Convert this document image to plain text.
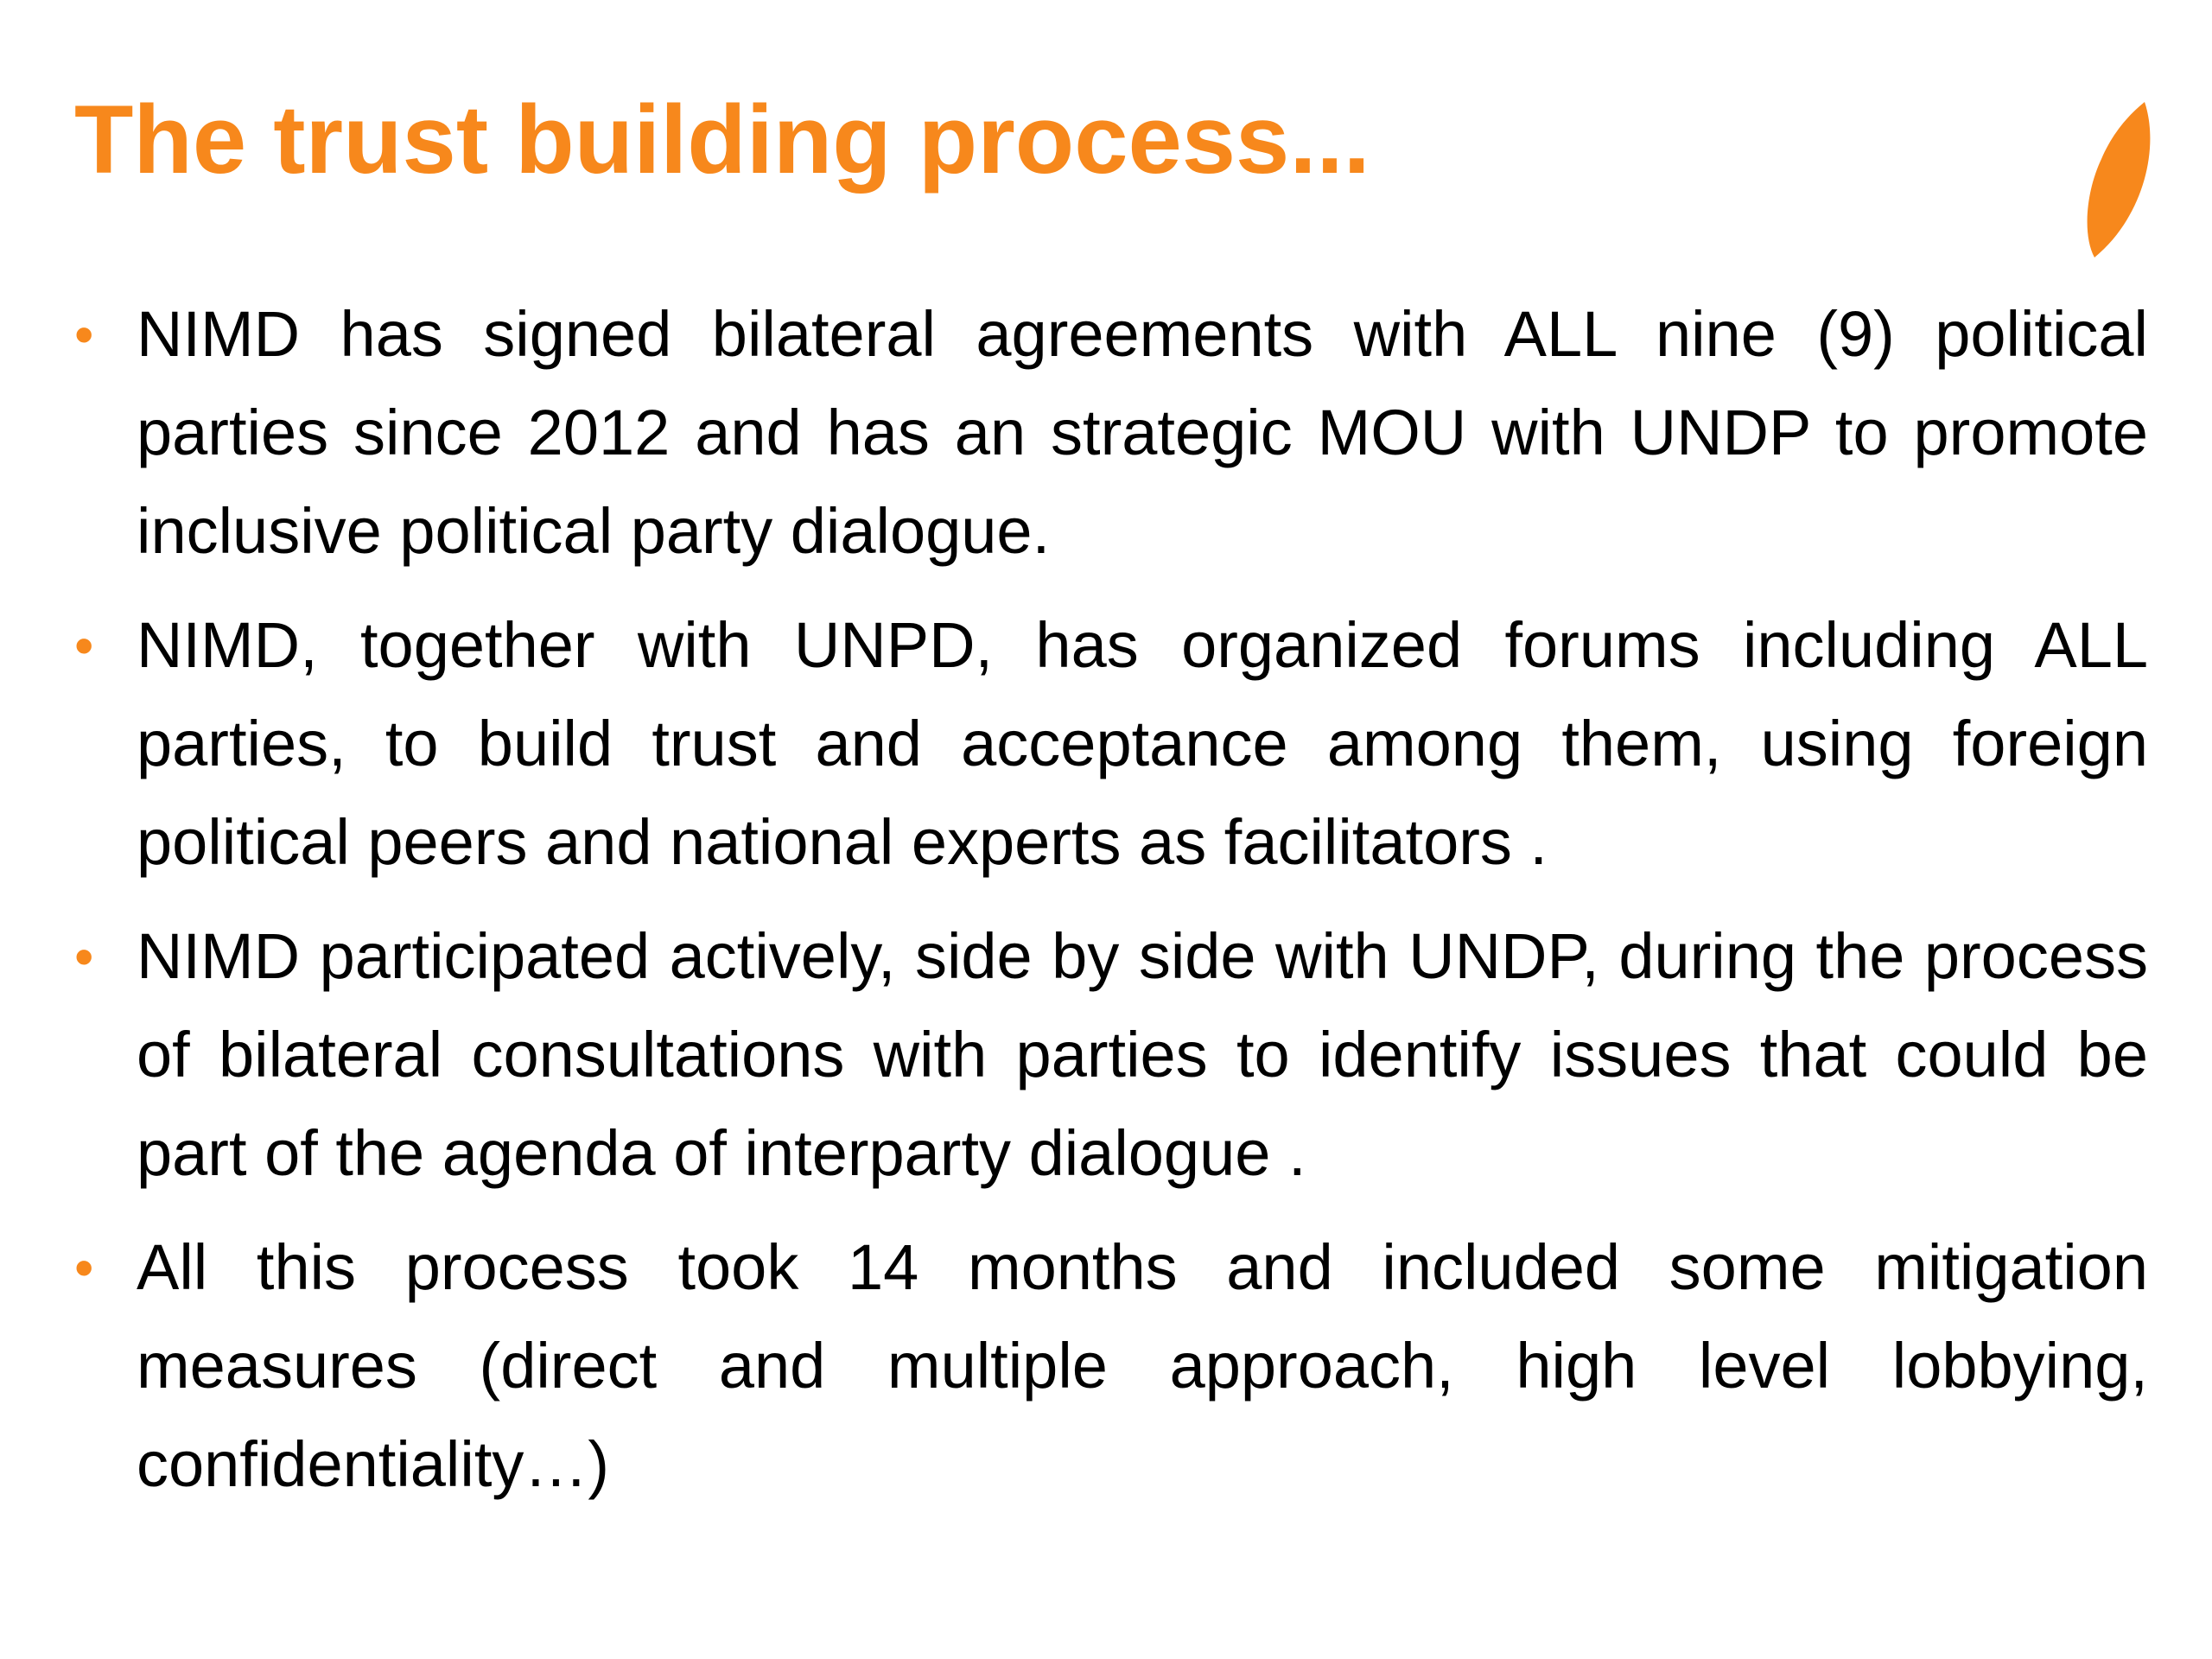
The trust building process...
• NIMD has signed bilateral agreements with ALL nine (9) political parties since 2012 and has an strategic MOU with UNDP to promote inclusive political party dialogue.
• NIMD, together with UNPD, has organized forums including ALL parties, to build trust and acceptance among them, using foreign political peers and national experts as facilitators .
• NIMD participated actively, side by side with UNDP, during the process of bilateral consultations with parties to identify issues that could be part of the agenda of interparty dialogue .
• All this process took 14 months and included some mitigation measures (direct and multiple approach, high level lobbying, confidentiality…)
